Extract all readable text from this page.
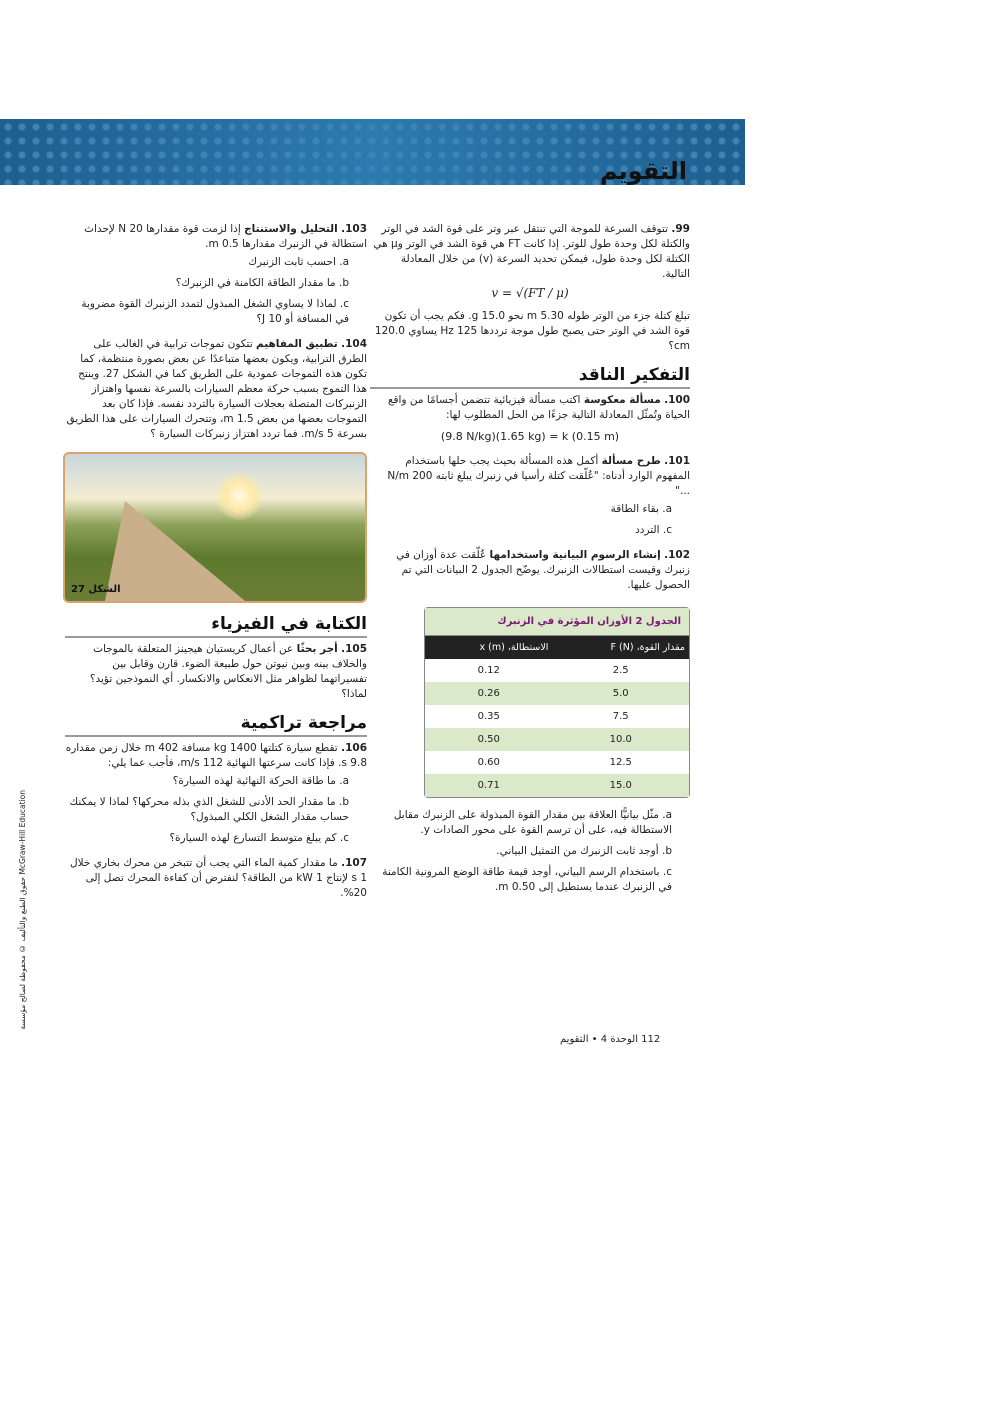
التقويم
99. تتوقف السرعة للموجة التي تنتقل عبر وتر على قوة الشد في الوتر والكتلة لكل وحدة طول للوتر. إذا كانت FT هي قوة الشد في الوتر وμ هي الكتلة لكل وحدة طول، فيمكن تحديد السرعة (v) من خلال المعادلة التالية.
v = √(FT / μ)
تبلغ كتلة جزء من الوتر طوله 5.30 m نحو 15.0 g. فكم يجب أن تكون قوة الشد في الوتر حتى يصبح طول موجة ترددها 125 Hz يساوي 120.0 cm؟
التفكير الناقد
100. مسألة معكوسة اكتب مسألة فيزيائية تتضمن أجسامًا من واقع الحياة وتُمثّل المعادلة التالية جزءًا من الحل المطلوب لها:
(9.8 N/kg)(1.65 kg) = k (0.15 m)
101. طرح مسألة أكمل هذه المسألة بحيث يجب حلها باستخدام المفهوم الوارد أدناه: "عُلّقت كتلة رأسيا في زنبرك يبلغ ثابته 200 N/m ..."
a. بقاء الطاقة
c. التردد
102. إنشاء الرسوم البيانية واستخدامها عُلّقت عدة أوزان في زنبرك وقيست استطالات الزنبرك. يوضّح الجدول 2 البيانات التي تم الحصول عليها.
الجدول 2 الأوزان المؤثرة في الزنبرك
مقدار القوة، F (N)	الاستطالة، x (m)
2.5	0.12
5.0	0.26
7.5	0.35
10.0	0.50
12.5	0.60
15.0	0.71
a. مثّل بيانيًّا العلاقة بين مقدار القوة المبذولة على الزنبرك مقابل الاستطالة فيه، على أن ترسم القوة على محور الصادات y.
b. أوجد ثابت الزنبرك من التمثيل البياني.
c. باستخدام الرسم البياني، أوجد قيمة طاقة الوضع المرونية الكامنة في الزنبرك عندما يستطيل إلى 0.50 m.
103. التحليل والاستنتاج إذا لزمت قوة مقدارها 20 N لإحداث استطالة في الزنبرك مقدارها 0.5 m.
a. احسب ثابت الزنبرك
b. ما مقدار الطاقة الكامنة في الزنبرك؟
c. لماذا لا يساوي الشغل المبذول لتمدد الزنبرك القوة مضروبة في المسافة أو J 10؟
104. تطبيق المفاهيم تتكون تموجات ترابية في الغالب على الطرق الترابية، ويكون بعضها متباعدًا عن بعض بصورة منتظمة، كما تكون هذه التموجات عمودية على الطريق كما في الشكل 27. وينتج هذا التموج بسبب حركة معظم السيارات بالسرعة نفسها واهتزاز الزنبركات المتصلة بعجلات السيارة بالتردد نفسه. فإذا كان بعد التموجات بعضها من بعض 1.5 m، وتتحرك السيارات على هذا الطريق بسرعة 5 m/s. فما تردد اهتزاز زنبركات السيارة ؟
الشكل 27
الكتابة في الفيزياء
105. أجر بحثًا عن أعمال كريستيان هيجينز المتعلقة بالموجات والخلاف بينه وبين نيوتن حول طبيعة الضوء. قارن وقابل بين تفسيراتهما لظواهر مثل الانعكاس والانكسار. أي النموذجين تؤيد؟ لماذا؟
مراجعة تراكمية
106. تقطع سيارة كتلتها 1400 kg مسافة 402 m خلال زمن مقداره 9.8 s. فإذا كانت سرعتها النهائية 112 m/s، فأجب عما يلي:
a. ما طاقة الحركة النهائية لهذه السيارة؟
b. ما مقدار الحد الأدنى للشغل الذي بذله محركها؟ لماذا لا يمكنك حساب مقدار الشغل الكلي المبذول؟
c. كم يبلغ متوسط التسارع لهذه السيارة؟
107. ما مقدار كمية الماء التي يجب أن تتبخر من محرك بخاري خلال 1 s لإنتاج 1 kW من الطاقة؟ لنفترض أن كفاءة المحرك تصل إلى 20%.
حقوق الطبع والتأليف © محفوظة لصالح مؤسسة McGraw-Hill Education
112 الوحدة 4 • التقويم
